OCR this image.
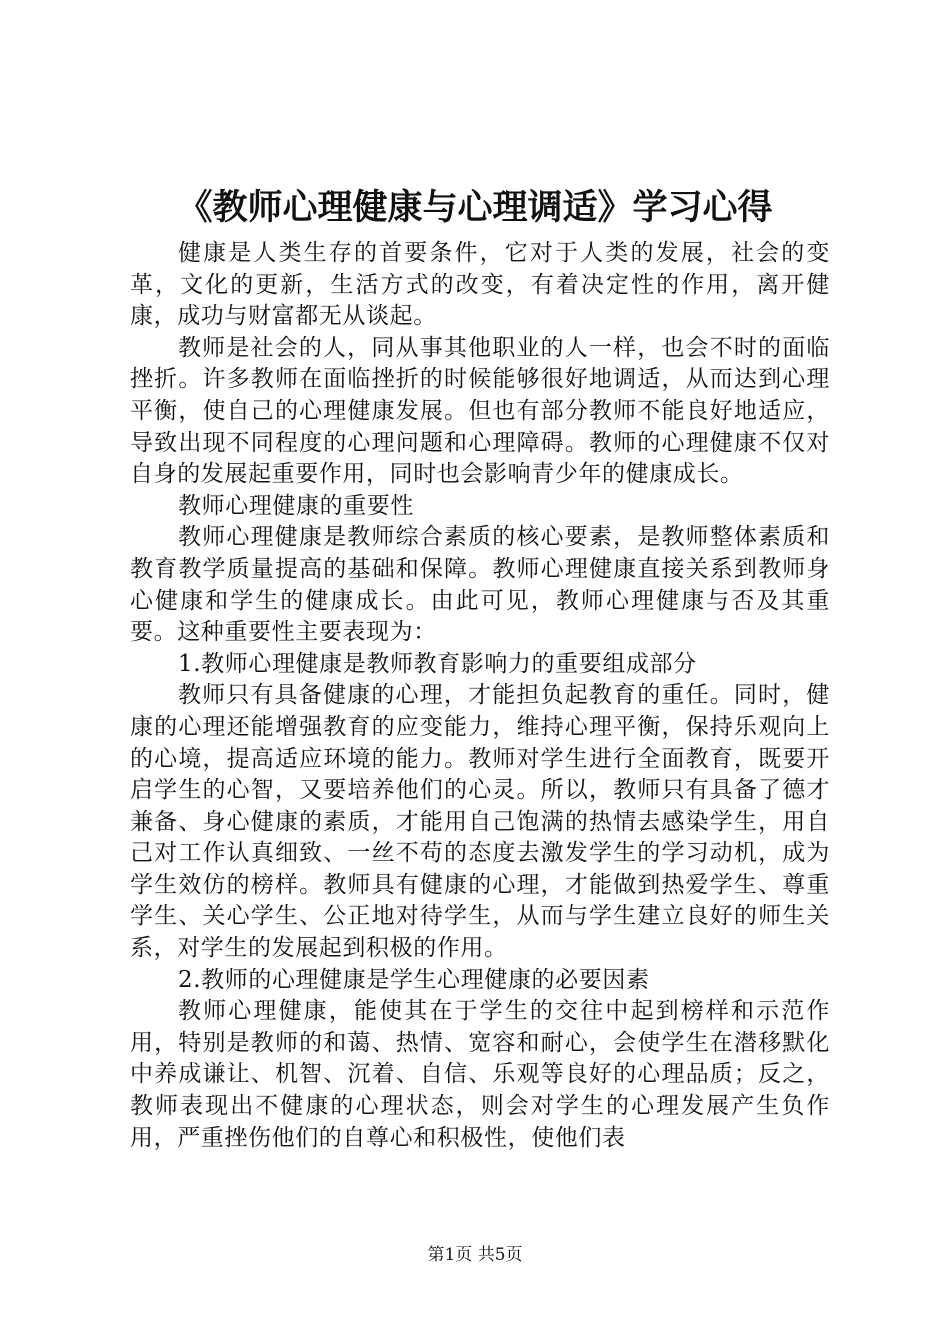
《教师心理健康与心理调适》学习心得

健康是人类生存的首要条件，它对于人类的发展，社会的变革，文化的更新，生活方式的改变，有着决定性的作用，离开健康，成功与财富都无从谈起。

教师是社会的人，同从事其他职业的人一样，也会不时的面临挫折。许多教师在面临挫折的时候能够很好地调适，从而达到心理平衡，使自己的心理健康发展。但也有部分教师不能良好地适应，导致出现不同程度的心理问题和心理障碍。教师的心理健康不仅对自身的发展起重要作用，同时也会影响青少年的健康成长。

教师心理健康的重要性

教师心理健康是教师综合素质的核心要素，是教师整体素质和教育教学质量提高的基础和保障。教师心理健康直接关系到教师身心健康和学生的健康成长。由此可见，教师心理健康与否及其重要。这种重要性主要表现为：

1.教师心理健康是教师教育影响力的重要组成部分

教师只有具备健康的心理，才能担负起教育的重任。同时，健康的心理还能增强教育的应变能力，维持心理平衡，保持乐观向上的心境，提高适应环境的能力。教师对学生进行全面教育，既要开启学生的心智，又要培养他们的心灵。所以，教师只有具备了德才兼备、身心健康的素质，才能用自己饱满的热情去感染学生，用自己对工作认真细致、一丝不苟的态度去激发学生的学习动机，成为学生效仿的榜样。教师具有健康的心理，才能做到热爱学生、尊重学生、关心学生、公正地对待学生，从而与学生建立良好的师生关系，对学生的发展起到积极的作用。

2.教师的心理健康是学生心理健康的必要因素

教师心理健康，能使其在于学生的交往中起到榜样和示范作用，特别是教师的和蔼、热情、宽容和耐心，会使学生在潜移默化中养成谦让、机智、沉着、自信、乐观等良好的心理品质；反之，教师表现出不健康的心理状态，则会对学生的心理发展产生负作用，严重挫伤他们的自尊心和积极性，使他们表

第1页 共5页
